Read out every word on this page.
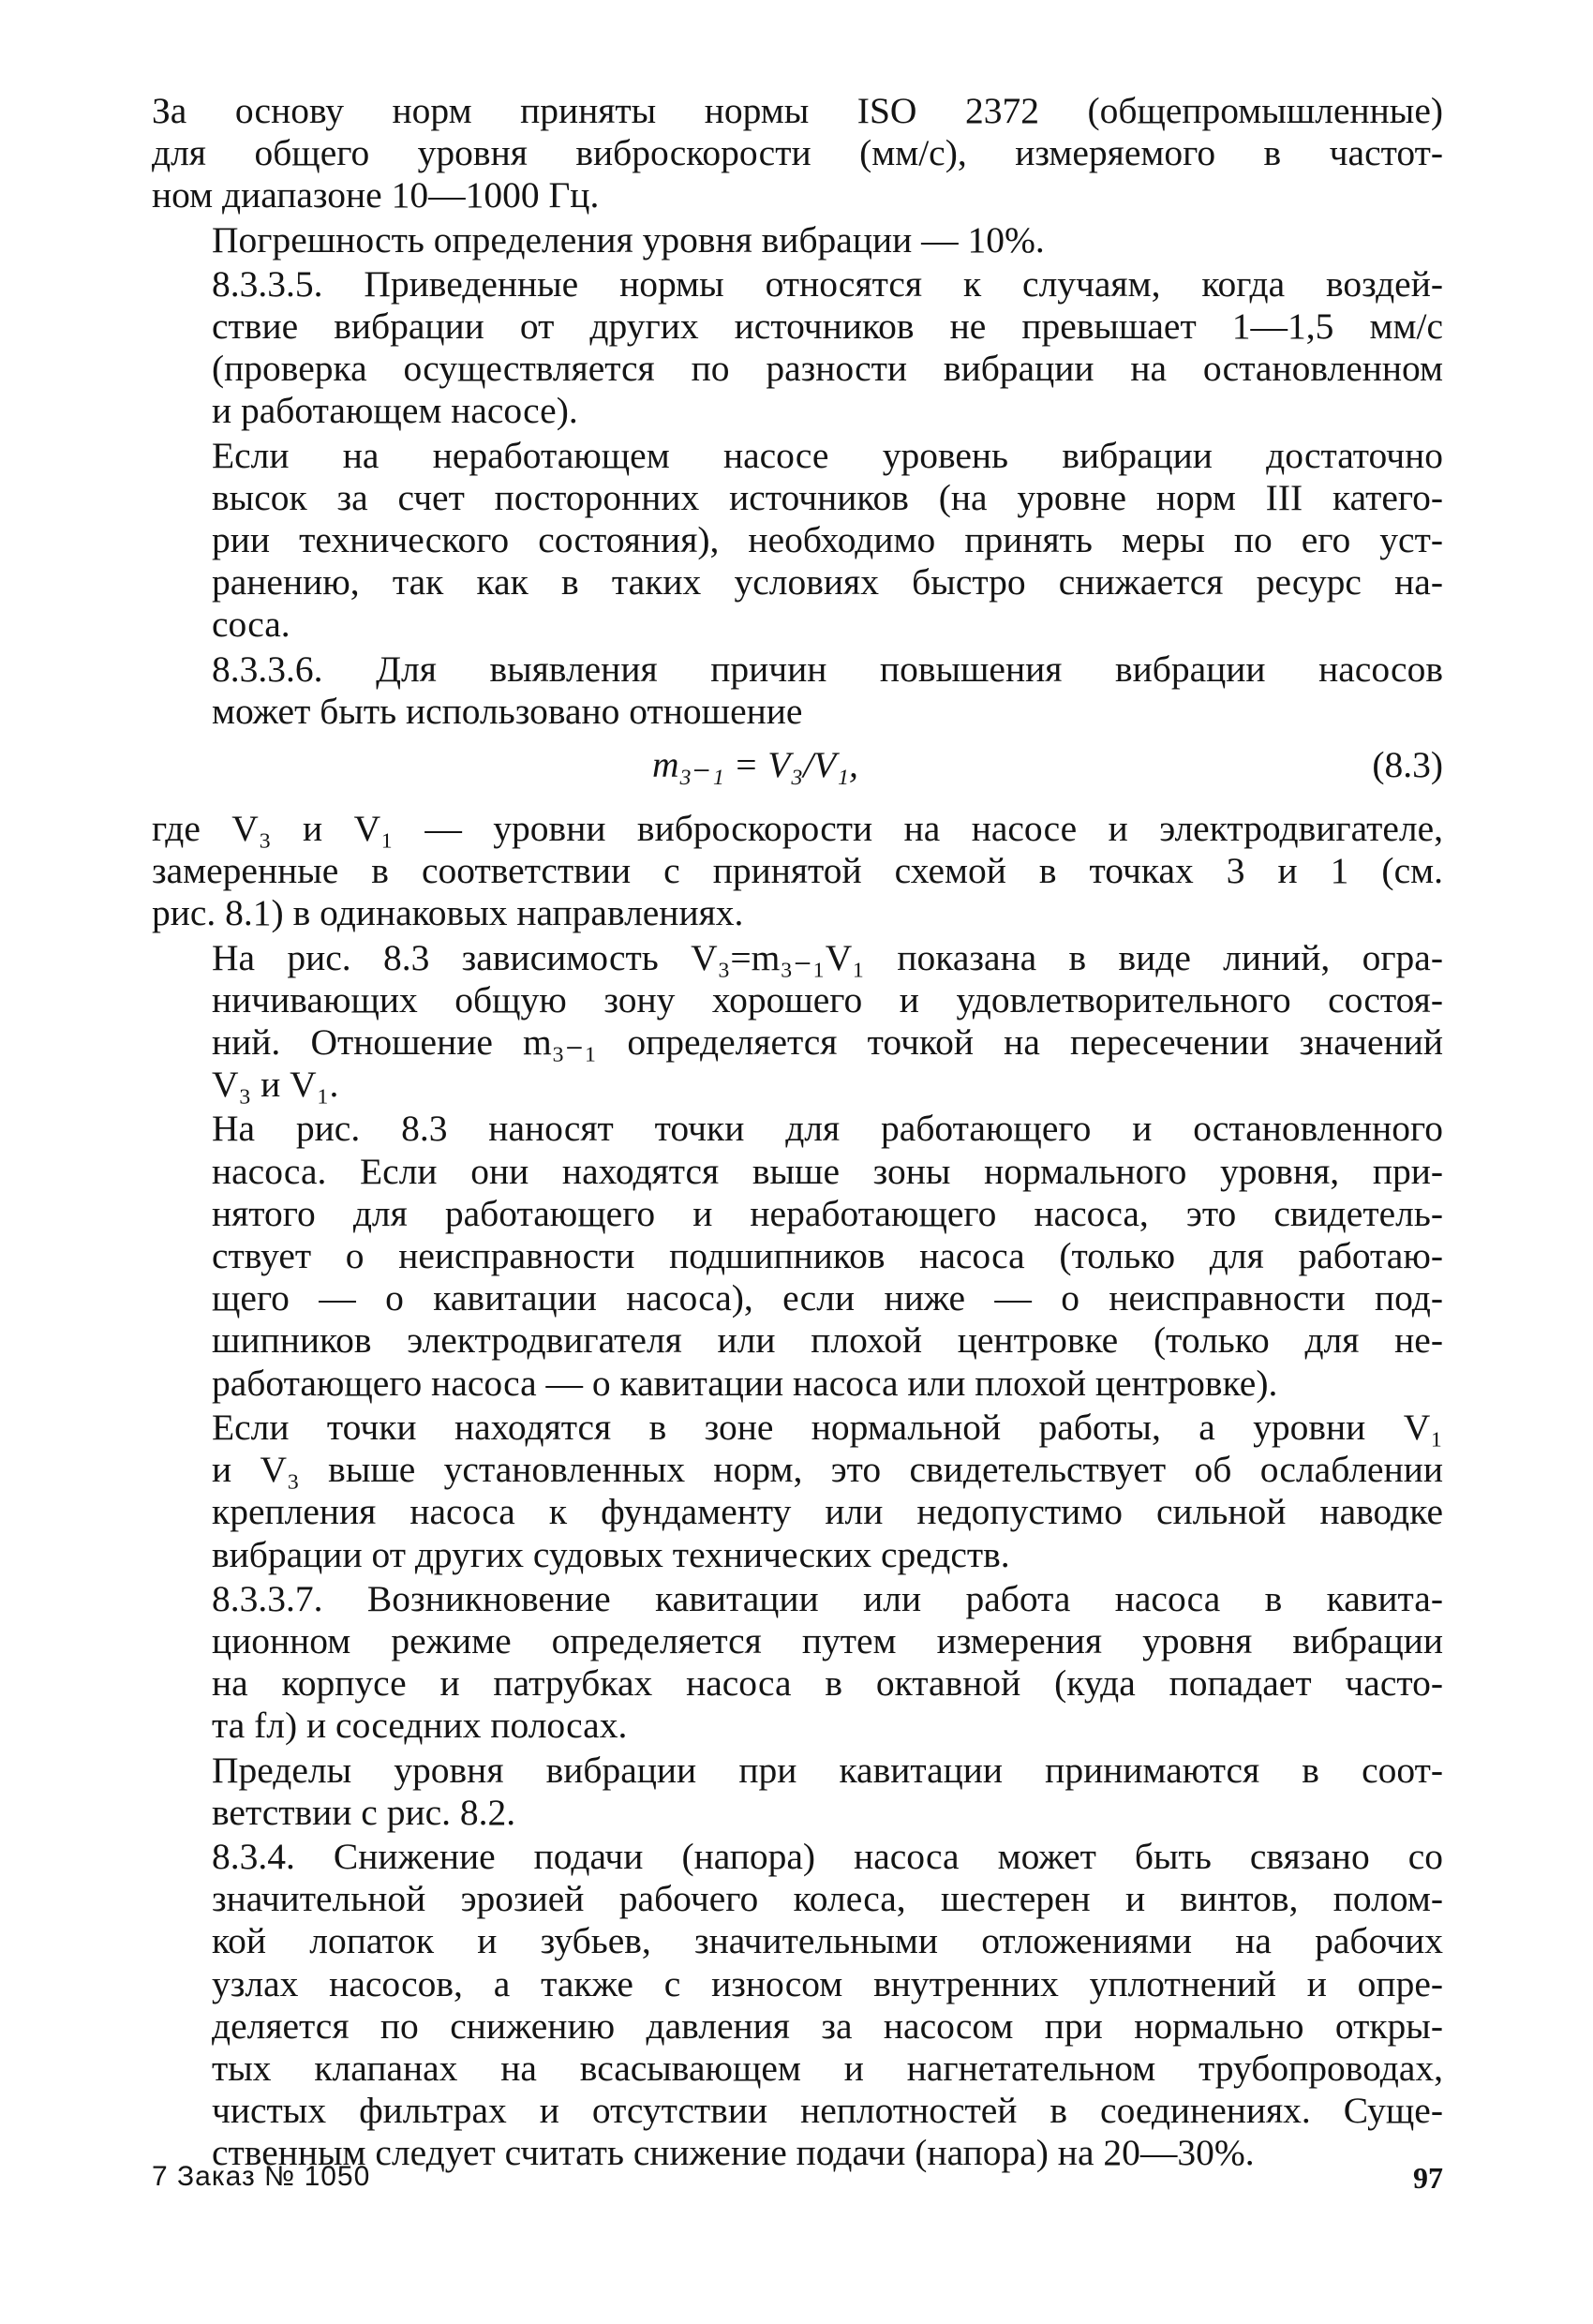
За основу норм приняты нормы ISO 2372 (общепромышленные)
для общего уровня виброскорости (мм/с), измеряемого в частот-
ном диапазоне 10—1000 Гц.
Погрешность определения уровня вибрации — 10%.
8.3.3.5. Приведенные нормы относятся к случаям, когда воздей-
ствие вибрации от других источников не превышает 1—1,5 мм/с
(проверка осуществляется по разности вибрации на остановленном
и работающем насосе).
Если на неработающем насосе уровень вибрации достаточно
высок за счет посторонних источников (на уровне норм III катего-
рии технического состояния), необходимо принять меры по его уст-
ранению, так как в таких условиях быстро снижается ресурс на-
соса.
8.3.3.6. Для выявления причин повышения вибрации насосов
может быть использовано отношение
m₃₋₁ = V₃/V₁,	(8.3)
где V₃ и V₁ — уровни виброскорости на насосе и электродвигателе,
замеренные в соответствии с принятой схемой в точках 3 и 1 (см.
рис. 8.1) в одинаковых направлениях.
На рис. 8.3 зависимость V₃=m₃₋₁V₁ показана в виде линий, огра-
ничивающих общую зону хорошего и удовлетворительного состоя-
ний. Отношение m₃₋₁ определяется точкой на пересечении значений
V₃ и V₁.
На рис. 8.3 наносят точки для работающего и остановленного
насоса. Если они находятся выше зоны нормального уровня, при-
нятого для работающего и неработающего насоса, это свидетель-
ствует о неисправности подшипников насоса (только для работаю-
щего — о кавитации насоса), если ниже — о неисправности под-
шипников электродвигателя или плохой центровке (только для не-
работающего насоса — о кавитации насоса или плохой центровке).
Если точки находятся в зоне нормальной работы, а уровни V₁
и V₃ выше установленных норм, это свидетельствует об ослаблении
крепления насоса к фундаменту или недопустимо сильной наводке
вибрации от других судовых технических средств.
8.3.3.7. Возникновение кавитации или работа насоса в кавита-
ционном режиме определяется путем измерения уровня вибрации
на корпусе и патрубках насоса в октавной (куда попадает часто-
та fл) и соседних полосах.
Пределы уровня вибрации при кавитации принимаются в соот-
ветствии с рис. 8.2.
8.3.4. Снижение подачи (напора) насоса может быть связано со
значительной эрозией рабочего колеса, шестерен и винтов, полом-
кой лопаток и зубьев, значительными отложениями на рабочих
узлах насосов, а также с износом внутренних уплотнений и опре-
деляется по снижению давления за насосом при нормально откры-
тых клапанах на всасывающем и нагнетательном трубопроводах,
чистых фильтрах и отсутствии неплотностей в соединениях. Суще-
ственным следует считать снижение подачи (напора) на 20—30%.
7 Заказ № 1050	97
